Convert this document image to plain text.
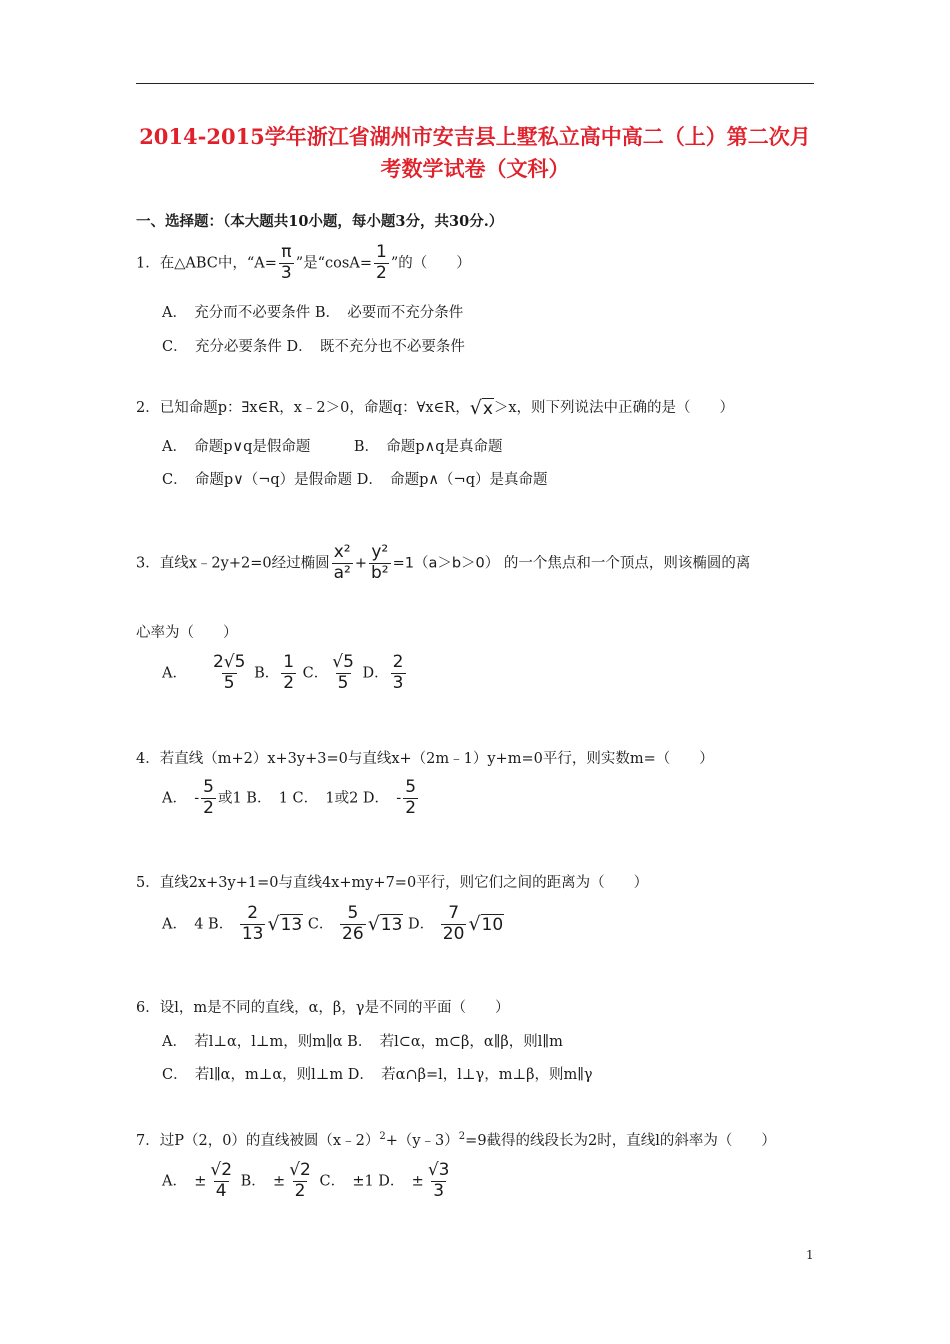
2014-2015学年浙江省湖州市安吉县上墅私立高中高二（上）第二次月
考数学试卷（文科）
一、选择题：（本大题共10小题，每小题3分，共30分.）
1．在△ABC中，“$A= \frac{\pi}{3}$ ”是“$\cos A= \frac{1}{2}$ ”的（　　）
A．　充分而不必要条件 B．　必要而不充分条件
C．　充分必要条件 D．　既不充分也不必要条件
2．已知命题p：∃x∈R，x﹣2＞0，命题q：∀x∈R，√x＞x，则下列说法中正确的是（　　）
A．　命题p∨q是假命题　　　B．　命题p∧q是真命题
C．　命题p∨（¬q）是假命题 D．　命题p∧（¬q）是真命题
3．直线x﹣2y+2=0经过椭圆 $\frac{\text{x²}}{\text{a²}} + \frac{\text{y²}}{\text{b²}} =1(a>b>0)$ 的一个焦点和一个顶点，则该椭圆的离
心率为（　　）
A． $\frac{2√5}{5}$ B． $\frac{1}{2}$ C． $\frac{√5}{5}$ D． $\frac{2}{3}$
4．若直线（m+2）x+3y+3=0与直线x+（2m﹣1）y+m=0平行，则实数m=（　　）
A．　- $\frac{5}{2}$ 或1 B．　1 C．　1或2 D．　- $\frac{5}{2}$
5．直线2x+3y+1=0与直线4x+my+7=0平行，则它们之间的距离为（　　）
A．　4 B． $\frac{2}{13} √13$ C． $\frac{5}{26} √13$ D． $\frac{7}{20} √10$
6．设l，m是不同的直线，α，β，γ是不同的平面（　　）
A．　若l⊥α，l⊥m，则m∥α B．　若l⊂α，m⊂β，α∥β，则l∥m
C．　若l∥α，m⊥α，则l⊥m D．　若α∩β=l，l⊥γ，m⊥β，则m∥γ
7．过P（2，0）的直线被圆（x﹣2）$^2$+（y﹣3）$^2$=9截得的线段长为2时，直线l的斜率为（　　）
A．　± $\frac{√2}{4}$ B．　± $\frac{√2}{2}$ C．　±1 D．　± $\frac{√3}{3}$
1
